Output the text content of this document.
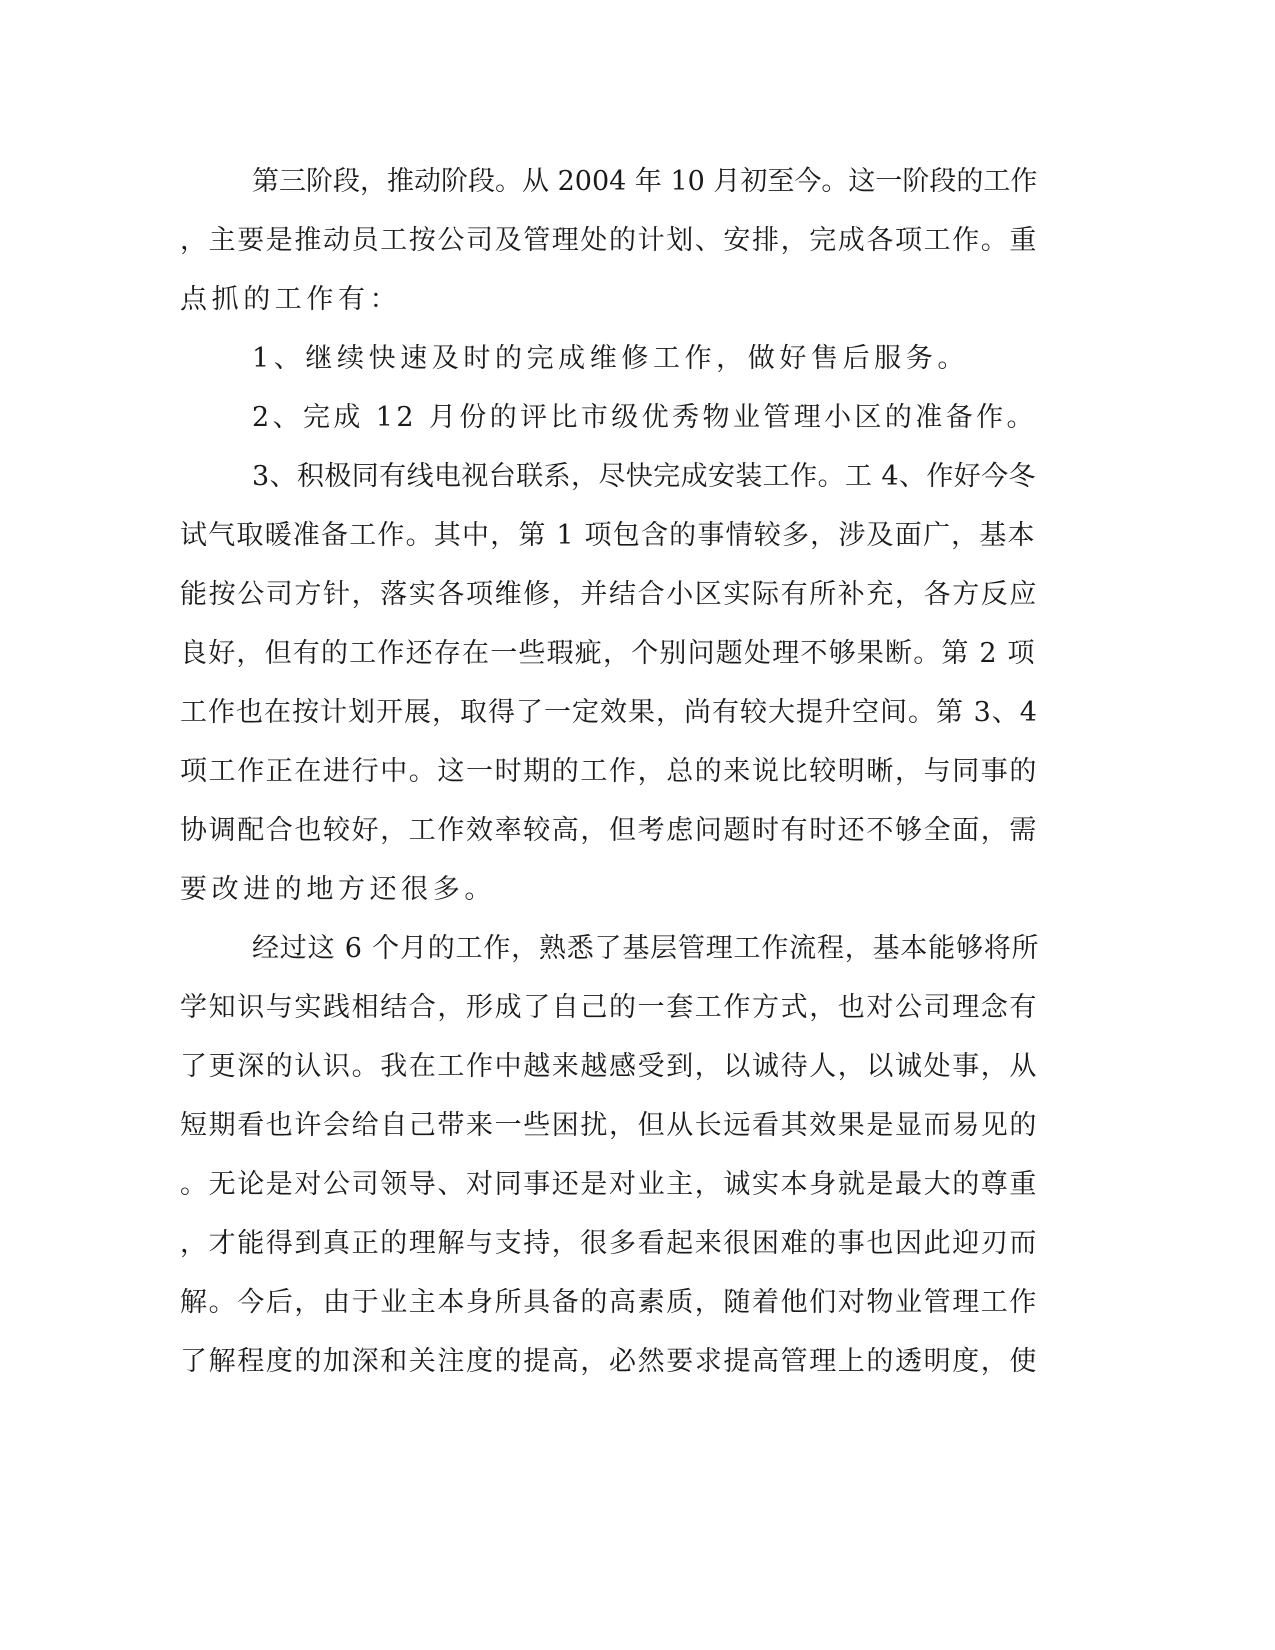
第三阶段，推动阶段。从 2004 年 10 月初至今。这一阶段的工作
，主要是推动员工按公司及管理处的计划、安排，完成各项工作。重
点抓的工作有：
1、继续快速及时的完成维修工作，做好售后服务。
2、完成 12 月份的评比市级优秀物业管理小区的准备作。
3、积极同有线电视台联系，尽快完成安装工作。工 4、作好今冬
试气取暖准备工作。其中，第 1 项包含的事情较多，涉及面广，基本
能按公司方针，落实各项维修，并结合小区实际有所补充，各方反应
良好，但有的工作还存在一些瑕疵，个别问题处理不够果断。第 2 项
工作也在按计划开展，取得了一定效果，尚有较大提升空间。第 3、4
项工作正在进行中。这一时期的工作，总的来说比较明晰，与同事的
协调配合也较好，工作效率较高，但考虑问题时有时还不够全面，需
要改进的地方还很多。
经过这 6 个月的工作，熟悉了基层管理工作流程，基本能够将所
学知识与实践相结合，形成了自己的一套工作方式，也对公司理念有
了更深的认识。我在工作中越来越感受到，以诚待人，以诚处事，从
短期看也许会给自己带来一些困扰，但从长远看其效果是显而易见的
。无论是对公司领导、对同事还是对业主，诚实本身就是最大的尊重
，才能得到真正的理解与支持，很多看起来很困难的事也因此迎刃而
解。今后，由于业主本身所具备的高素质，随着他们对物业管理工作
了解程度的加深和关注度的提高，必然要求提高管理上的透明度，使
